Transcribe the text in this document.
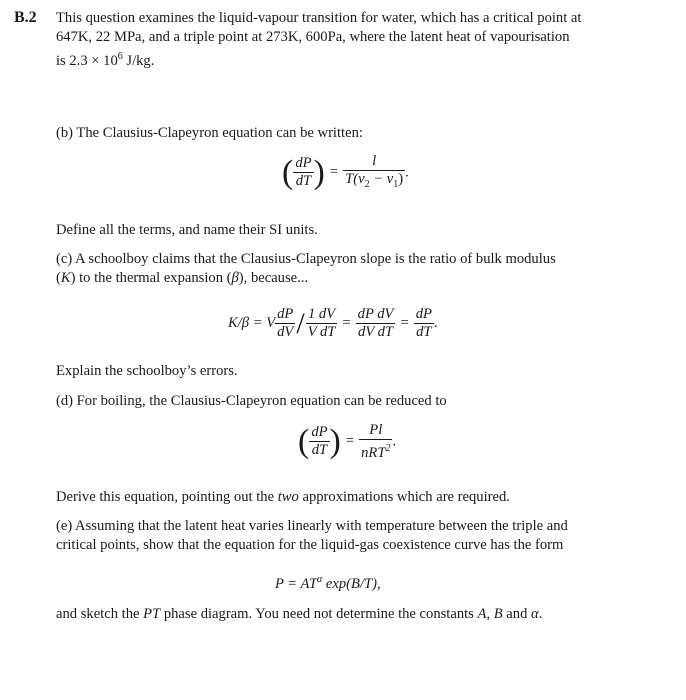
B.2 This question examines the liquid-vapour transition for water, which has a critical point at
647K, 22 MPa, and a triple point at 273K, 600Pa, where the latent heat of vapourisation
is $2.3 \times 10^6$ J/kg.
(b) The Clausius-Clapeyron equation can be written:
( $\frac{dP}{dT}$ ) = $\frac{l}{T(v_2 - v_1)}$ .
Define all the terms, and name their SI units.
(c) A schoolboy claims that the Clausius-Clapeyron slope is the ratio of bulk modulus
(K) to the thermal expansion (β), because...
K/β = V $\frac{dP}{dV} / \frac{1 dV}{\text{V dT}} = \frac{\text{dP dV}}{\text{dV dT}} = \frac{dP}{dT}$ .
Explain the schoolboy’s errors.
(d) For boiling, the Clausius-Clapeyron equation can be reduced to
( $\frac{dP}{dT}$ ) = $\frac{Pl}{nRT^2}$ .
Derive this equation, pointing out the two approximations which are required.
(e) Assuming that the latent heat varies linearly with temperature between the triple and
critical points, show that the equation for the liquid-gas coexistence curve has the form
$P = AT^\alpha$ exp(B/T),
and sketch the PT phase diagram. You need not determine the constants A, B and α.
